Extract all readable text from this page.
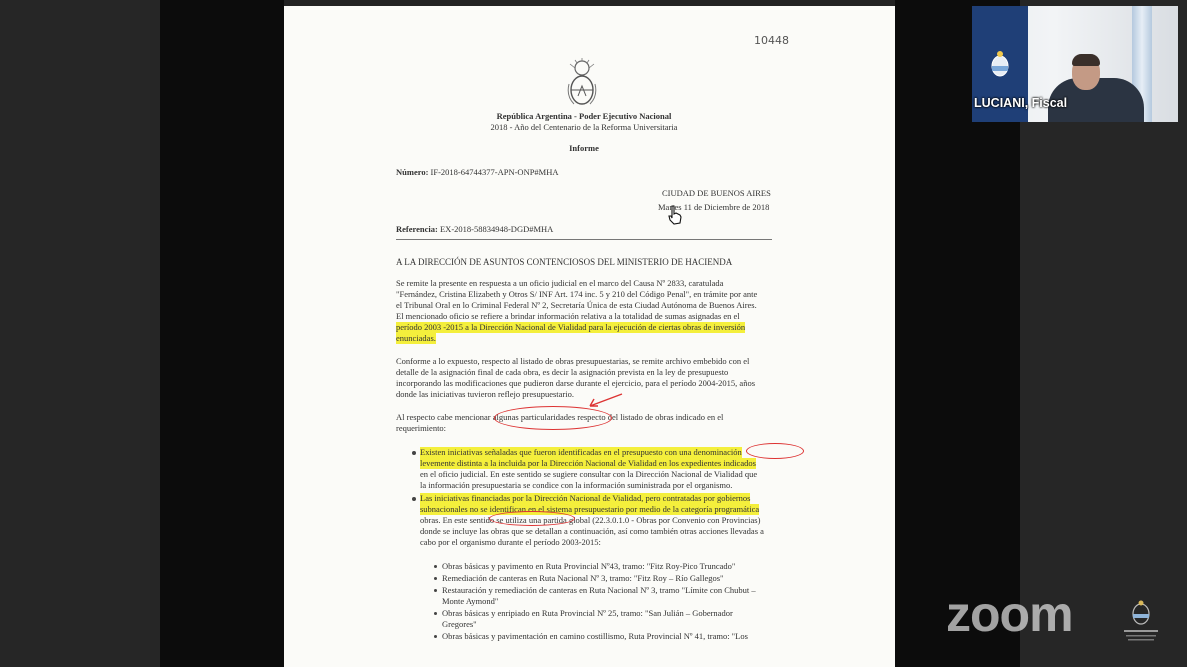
10448
República Argentina - Poder Ejecutivo Nacional
2018 - Año del Centenario de la Reforma Universitaria
Informe
Número: IF-2018-64744377-APN-ONP#MHA
CIUDAD DE BUENOS AIRES
Martes 11 de Diciembre de 2018
Referencia: EX-2018-58834948-DGD#MHA
A LA DIRECCIÓN DE ASUNTOS CONTENCIOSOS DEL MINISTERIO DE HACIENDA
Se remite la presente en respuesta a un oficio judicial en el marco del Causa Nº 2833, caratulada
"Fernández, Cristina Elizabeth y Otros S/ INF Art. 174 inc. 5 y 210 del Código Penal", en trámite por ante
el Tribunal Oral en lo Criminal Federal Nº 2, Secretaría Única de esta Ciudad Autónoma de Buenos Aires.
El mencionado oficio se refiere a brindar información relativa a la totalidad de sumas asignadas en el
período 2003 -2015 a la Dirección Nacional de Vialidad para la ejecución de ciertas obras de inversión
enunciadas.
Conforme a lo expuesto, respecto al listado de obras presupuestarias, se remite archivo embebido con el
detalle de la asignación final de cada obra, es decir la asignación prevista en la ley de presupuesto
incorporando las modificaciones que pudieron darse durante el ejercicio, para el período 2004-2015, años
donde las iniciativas tuvieron reflejo presupuestario.
Al respecto cabe mencionar algunas particularidades respecto del listado de obras indicado en el
requerimiento:
Existen iniciativas señaladas que fueron identificadas en el presupuesto con una denominación
levemente distinta a la incluida por la Dirección Nacional de Vialidad en los expedientes indicados
en el oficio judicial. En este sentido se sugiere consultar con la Dirección Nacional de Vialidad que
la información presupuestaria se condice con la información suministrada por el organismo.
Las iniciativas financiadas por la Dirección Nacional de Vialidad, pero contratadas por gobiernos
subnacionales no se identifican en el sistema presupuestario por medio de la categoría programática
obras. En este sentido se utiliza una partida global (22.3.0.1.0 - Obras por Convenio con Provincias)
donde se incluye las obras que se detallan a continuación, así como también otras acciones llevadas a
cabo por el organismo durante el período 2003-2015:
Obras básicas y pavimento en Ruta Provincial Nº43, tramo: "Fitz Roy-Pico Truncado"
Remediación de canteras en Ruta Nacional Nº 3, tramo: "Fitz Roy – Río Gallegos"
Restauración y remediación de canteras en Ruta Nacional Nº 3, tramo "Límite con Chubut –
Monte Aymond"
Obras básicas y enripiado en Ruta Provincial Nº 25, tramo: "San Julián – Gobernador
Gregores"
Obras básicas y pavimentación en camino costillismo, Ruta Provincial Nº 41, tramo: "Los
LUCIANI, Fiscal
zoom
